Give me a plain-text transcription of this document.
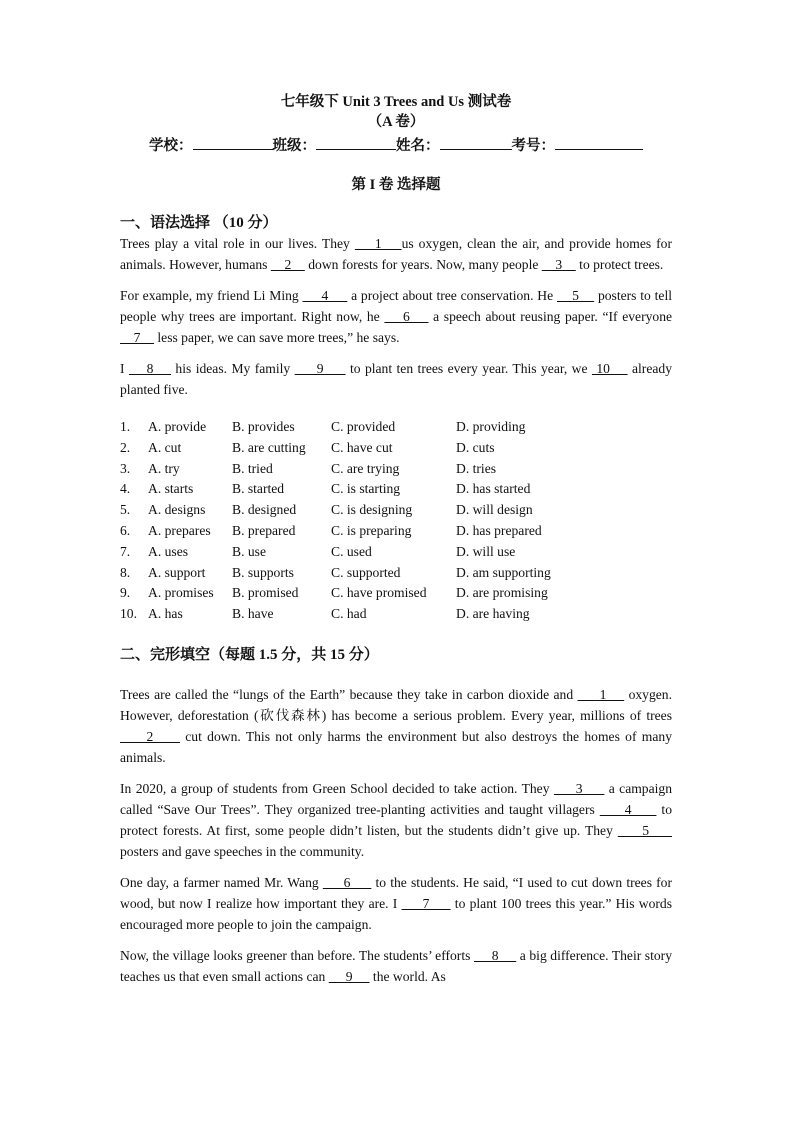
七年级下 Unit 3 Trees and Us 测试卷
（A 卷）
学校：	班级：	姓名：	考号：
第 I 卷 选择题
一、语法选择 （10 分）

Trees play a vital role in our lives. They     1    us oxygen, clean the air, and provide homes for animals. However, humans     2     down forests for years. Now, many people     3     to protect trees.

For example, my friend Li Ming      4      a project about tree conservation. He     5     posters to tell people why trees are important. Right now, he     6     a speech about reusing paper. “If everyone     7     less paper, we can save more trees,” he says.

I     8     his ideas. My family      9      to plant ten trees every year. This year, we  10     already planted five.

1.	A. provide	B. provides	C. provided	D. providing
2.	A. cut	B. are cutting	C. have cut	D. cuts
3.	A. try	B. tried	C. are trying	D. tries
4.	A. starts	B. started	C. is starting	D. has started
5.	A. designs	B. designed	C. is designing	D. will design
6.	A. prepares	B. prepared	C. is preparing	D. has prepared
7.	A. uses	B. use	C. used	D. will use
8.	A. support	B. supports	C. supported	D. am supporting
9.	A. promises	B. promised	C. have promised	D. are promising
10. A. has	B. have	C. had	D. are having
二、完形填空（每题 1.5 分，共 15 分）

Trees are called the “lungs of the Earth” because they take in carbon dioxide and      1     oxygen. However, deforestation (砍伐森林) has become a serious problem. Every year, millions of trees      2      cut down. This not only harms the environment but also destroys the homes of many animals.

In 2020, a group of students from Green School decided to take action. They      3      a campaign called “Save Our Trees”. They organized tree-planting activities and taught villagers      4      to protect forests. At first, some people didn’t listen, but the students didn’t give up. They      5      posters and gave speeches in the community.

One day, a farmer named Mr. Wang      6      to the students. He said, “I used to cut down trees for wood, but now I realize how important they are. I      7      to plant 100 trees this year.” His words encouraged more people to join the campaign.

Now, the village looks greener than before. The students’ efforts      8      a big difference. Their story teaches us that even small actions can      9      the world. As
